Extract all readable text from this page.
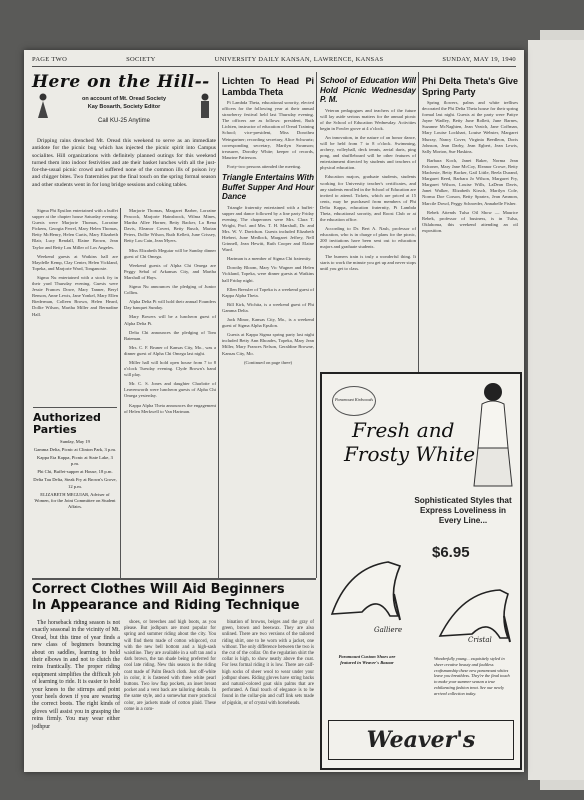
PAGE TWO	SOCIETY	UNIVERSITY DAILY KANSAN, LAWRENCE, KANSAS	SUNDAY, MAY 19, 1940
Here on the Hill--
on account of Mt. Oread Society
Kay Bosarth, Society Editor
Call KU-25 Anytime

Dripping rains drenched Mt. Oread this weekend to serve as an immediate antidote for the picnic bug which has injected the picnic spirit into Campus socialites. Hill organizations with definitely planned outings for this weekend turned them into indoor festivities and ate their basket lunches with all the just-for-the-usual picnic crowd and suffered none of the common ills of poison ivy and chigger bites. Two fraternities put the final touch on the spring formal season and other students went in for long bridge sessions and coking tables.

Sigma Phi Epsilon entertained with a buffet supper at the chapter house Saturday evening. Guests were Marjorie Thomas, Lorraine Pickens, Georgia Ferrel, Mary Helen Thomas, Betty McHenry, Helen Curtis, Mary Elizabeth Blair, Lucy Rendall, Elaine Brown, Jean Taylor and Betty Lou Miller of Los Angeles.

Weekend guests at Watkins hall are Maydelle Kemp, Clay Center, Helen Vickland, Topeka, and Marjorie Ward, Tonganoxie.

Sigma Nu entertained with a stock fry in their yard Thursday evening. Guests were Jessie Frances Dowe, Mary Tanner, Beryl Benson, Anne Lewis, Jane Yonkel, Mary Ellen Biederman, Colleen Brown, Helen Heard, Dollie Wilson, Martha Miller and Bernadine Hall.

Authorized Parties
Sunday, May 19
Gamma Delta, Picnic at Clinton Park, 3 p.m.
Kappa Eta Kappa, Picnic at State Lake, 3 p.m.
Phi Chi, Buffet-supper at House, 18 p.m.
Delta Tau Delta, Steak Fry at Brown's Grove, 12 p.m.
ELIZABETH MEGUIAR, Adviser of Women, for the Joint Committee on Student Affairs.

Marjorie Thomas, Margaret Barber, Lorraine Peacock, Marjorie Hainsbrock, Wilma Mines, Martha Allee Horner, Betty Backer, La Rena Davis, Eleanor Covert, Betty Busch, Marian Peters, Dollie Wilson, Ruth Kellett, June Crissey, Betty Lou Cain, Jean Myers.

Miss Elizabeth Meguiar will be Sunday dinner guest of Chi Omega.

Weekend guests of Alpha Chi Omega are Peggy Sebal of Arkansas City, and Martha Marshall of Hays.

Sigma Nu announces the pledging of Junior Collins.

Alpha Delta Pi will hold their annual Founders Day banquet Sunday.

Mary Bowers will be a luncheon guest of Alpha Delta Pi.

Delta Chi announces the pledging of Tom Bateman.

Mrs. C. F. Bruner of Kansas City, Mo., was a dinner guest of Alpha Chi Omega last night.

Miller hall will hold open house from 7 to 8 o'clock Tuesday evening. Clyde Brown's band will play.

Mr. C. S. Jones and daughter Charlotte of Leavenworth were luncheon guests of Alpha Chi Omega yesterday.

Kappa Alpha Theta announces the engagement of Helen Merkwell to Van Hartman.

Lichten To Head Pi Lambda Theta

Pi Lambda Theta, educational sorority, elected officers for the following year at their annual strawberry festival held last Thursday evening. The officers are as follows: president, Ruth Lichten, instructor of education of Oread Training School; vice-president, Miss Dorothea Weingartner; recording secretary, Alice Schwartz; corresponding secretary, Marilyn Swanson; treasurer, Dorothy White; keeper of records, Maurine Patterson.

Forty-two persons attended the meeting.

Triangle Entertains With Buffet Supper And Hour Dance

Triangle fraternity entertained with a buffet-supper and dance followed by a line party Friday evening. The chaperones were Mrs. Clara T. Wright, Prof. and Mrs. T. H. Marshall, Dr. and Mrs. W. V. Davidson. Guests included Elizabeth Hiebert, June Medlock, Margaret Jeffrey, Nell Grinnell, Jean Hewitt, Ruth Cooper and Elaine Ward.

Hartman is a member of Sigma Chi fraternity.

Dorothy Bloom, Mary Vic Wagner and Helen Vickland, Topeka, were dinner guests at Watkins hall Friday night.

Ellen Bressler of Topeka is a weekend guest of Kappa Alpha Theta.

Bill Kirk, Wichita, is a weekend guest of Phi Gamma Delta.

Jack Minor, Kansas City, Mo., is a weekend guest of Sigma Alpha Epsilon.

Guests at Kappa Sigma spring party last night included Betty Ann Rhoades, Topeka, Mary Jean Miller, Mary Frances Nelson, Geraldine Browne, Kansas City, Mo.

(Continued on page three)
School of Education Will Hold Picnic Wednesday P. M.

Veteran pedagogues and teachers of the future will lay aside serious matters for the annual picnic of the School of Education Wednesday. Activities begin in Fowler grove at 4 o'clock.

An innovation, in the nature of an honor dance, will be held from 7 to 8 o'clock. Swimming, archery, volleyball, deck tennis, aerial darts, ping pong, and shuffleboard will be other features of entertainment directed by students and teachers of physical education.

Education majors, graduate students, students working for University teacher's certificates, and any students enrolled in the School of Education are invited to attend. Tickets, which are priced at 15 cents, may be purchased from members of Phi Delta Kappa, education fraternity, Pi Lambda Theta, educational sorority, and Roost Club or at the education office.

According to Dr. Bert A. Nash, professor of education, who is in charge of plans for the picnic, 200 invitations have been sent out to education majors and graduate students.

The burners train is truly a wonderful thing. It starts to work the minute you get up and never stops until you get to class.

Phi Delta Theta's Give Spring Party

Spring flowers, palms and white trellises decorated the Phi Delta Theta house for their spring formal last night. Guests at the party were Pattye Jayne Wadley, Betty June Rollett, June Barnes, Suzanne McNaghten, Jean Veatch, Jane Coffman, Mary Louise Lockhart, Louise Webster, Margaret Murray, Nancy Cover, Virginia Beedleon, Doris Johnson, Jean Darby, Jean Egbert, Jean Lewis, Sally Morton, Sue Haskins.

Barbara Koch, Janet Baker, Norma Jean Falconer, Mary Jane McCoy, Eleanor Crowe, Betty Machesie, Betty Backer, Gail Little, Beela Durand, Margaret Reed, Barbara Jo Wilson, Margaret Fry, Margaret Wilson, Louise Wills, LaDean Davis, Janet Walker, Elizabeth Kirsch, Marilyn Cole, Norma Doe Corson, Betty Spratex, Jean Ammon, Marcile Dowd, Peggy Schroeder, Annabelle Fisher.

Rebek Attends Tulsa Oil Show — Maurice Rebek, professor of business, is in Tulsa, Oklahoma, this weekend attending an oil exposition.

Paramount Kirkwoods
Fresh and
Frosty White
Sophisticated Styles that Express Loveliness in Every Line...
$6.95
Galliere
Cristal
Paramount Custom Shoes are featured in Weaver's Bazaar
Wonderfully young... exquisitely styled in sheer creative beauty and faultless craftsmanship these new paramount whites leave you breathless. They're the final touch to make your summer season a true exhilarating fashion treat. See our newly arrived collection today.
Weaver's
Correct Clothes Will Aid Beginners
In Appearance and Riding Technique

The horseback riding season is not exactly seasonal in the vicinity of Mt. Oread, but this time of year finds a new class of beginners bouncing about on saddles, learning to hold their elbows in and not to clutch the reins frantically. The proper riding equipment simplifies the difficult job of learning to ride. It is easier to hold your knees to the stirrups and point your heels down if you are wearing the correct boots. The right kinds of gloves will assist you in grasping the reins firmly. You may wear either jodhpur

shoes, or breeches and high boots, as you please. But jodhpurs are most popular for spring and summer riding about the city. You will find them made of cotton whipcord, cut with the new bell bottom and a high-sash waistline. They are available in a soft tan and a dark brown, the tan shade being preferred for cool late riding. New this season is the riding coat made of Palm Beach cloth. Just off-white in color, it is fastened with three white pearl buttons. Two low flap pockets, an inset breast pocket and a vent back are tailoring details. In the same style, and a somewhat more practical color, are jackets made of cotton plaid. These come in a com-

bination of browns, beiges and the gray of green, brown and beeswax. They are also unlined. There are two versions of the tailored riding shirt, one to be worn with a jacket, one without. The only difference between the two is the cut of the collar. On the regulation shirt the collar is high, to show neatly above the coat. For less formal riding it is low. There are calf-high socks of sheer wool to wear under your jodhpur shoes. Riding gloves have string backs and natural-colored goat skin palms that are perforated. A final touch of elegance is to be found in the collar-pin and cuff link sets made of pigskin, or of crystal with horseheads.
